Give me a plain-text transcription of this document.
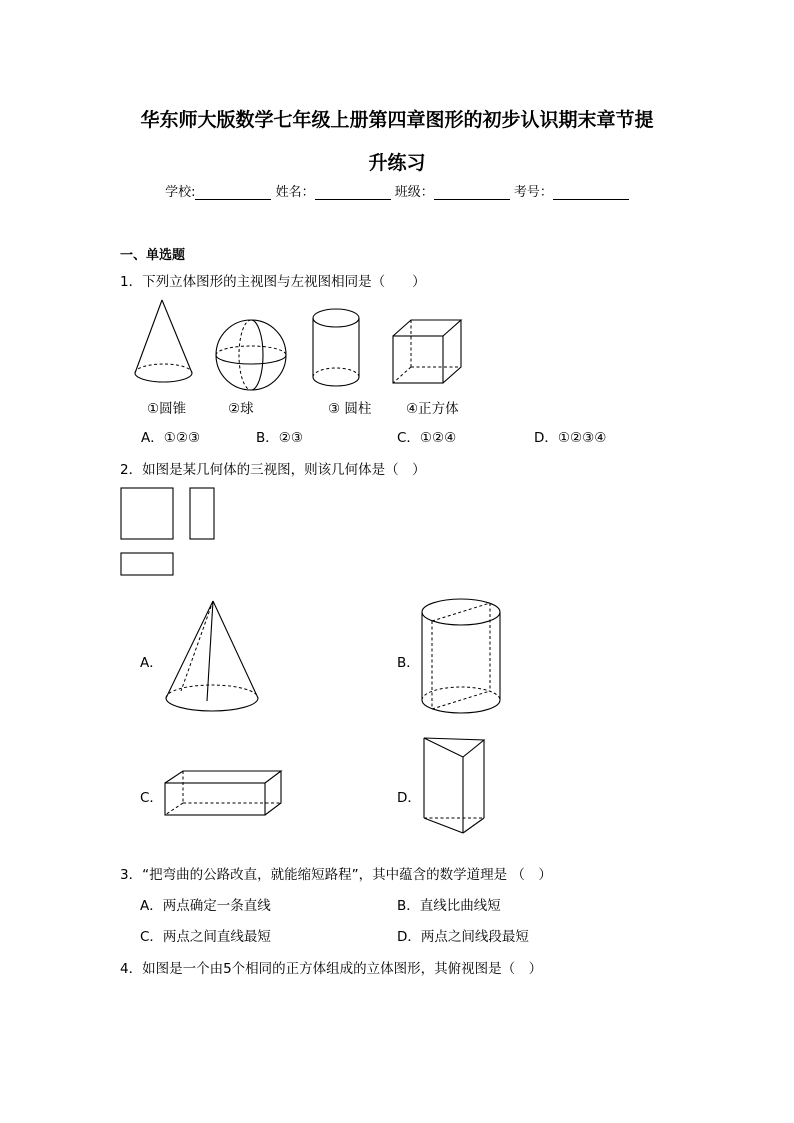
华东师大版数学七年级上册第四章图形的初步认识期末章节提
升练习
学校:	姓名：	班级：	考号：
一、单选题
1．下列立体图形的主视图与左视图相同是（　　）
①圆锥	②球	③ 圆柱	④正方体
A．①②③	B．②③	C．①②④	D．①②③④
2．如图是某几何体的三视图，则该几何体是（　）
A．	B．
C．	D．
3．“把弯曲的公路改直，就能缩短路程”，其中蕴含的数学道理是 （　）
A．两点确定一条直线	B．直线比曲线短
C．两点之间直线最短	D．两点之间线段最短
4．如图是一个由5个相同的正方体组成的立体图形，其俯视图是（　）
